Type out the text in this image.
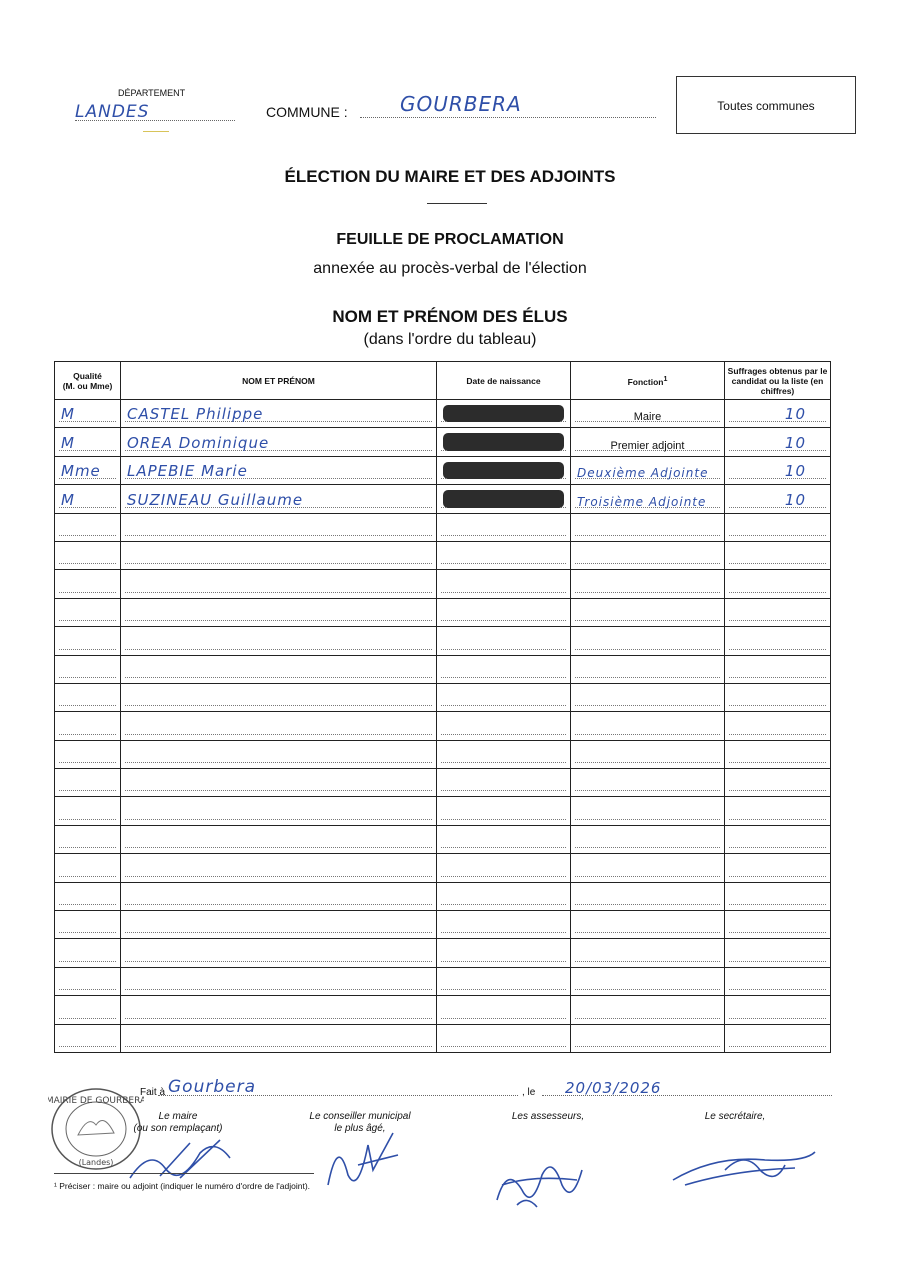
DÉPARTEMENT
LANDES	COMMUNE :	GOURBERA	Toutes communes
ÉLECTION DU MAIRE ET DES ADJOINTS
FEUILLE DE PROCLAMATION
annexée au procès-verbal de l'élection
NOM ET PRÉNOM DES ÉLUS
(dans l'ordre du tableau)
Qualité
(M. ou Mme)	NOM ET PRÉNOM	Date de naissance	Fonction$^1$	Suffrages obtenus par le candidat ou la liste (en chiffres)

M	CASTEL Philippe		Maire	10

M	OREA Dominique		Premier adjoint	10

Mme	LAPEBIE Marie		Deuxième Adjointe	10

M	SUZINEAU Guillaume		Troisième Adjointe	10

Fait à Gourbera	, le 20/03/2026
MAIRIE DE GOURBERA
(Landes)
Le maire
(ou son remplaçant)
Le conseiller municipal
le plus âgé,
Les assesseurs,	Le secrétaire,
¹ Préciser : maire ou adjoint (indiquer le numéro d'ordre de l'adjoint).
